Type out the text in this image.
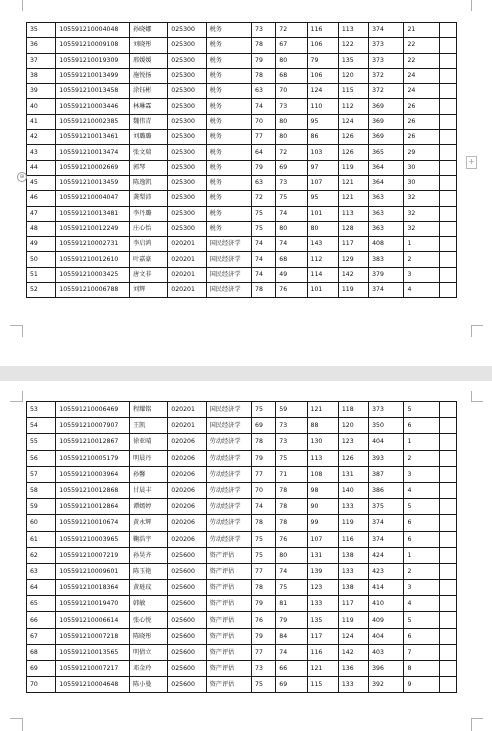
35	105591210004048	孙晓娜	025300	税务	73	72	116	113	374	21	
36	105591210009108	刘晓彤	025300	税务	78	67	106	122	373	22	
37	105591210019309	邢媛媛	025300	税务	79	80	79	135	373	22	
38	105591210013499	施悦扬	025300	税务	78	68	106	120	372	24	
39	105591210013458	涂钰彬	025300	税务	63	70	124	115	372	24	
40	105591210003446	林琳霖	025300	税务	74	73	110	112	369	26	
41	105591210002385	魏伟青	025300	税务	70	80	95	124	369	26	
42	105591210013461	刘璐璐	025300	税务	77	80	86	126	369	26	
43	105591210013474	张文瑞	025300	税务	64	72	103	126	365	29	
44	105591210002669	郭琴	025300	税务	79	69	97	119	364	30	
45	105591210013459	陈逸凯	025300	税务	63	73	107	121	364	30	
46	105591210004047	龚梨沛	025300	税务	72	75	95	121	363	32	
47	105591210013481	李丹璐	025300	税务	75	74	101	113	363	32	
48	105591210012249	庄心怡	025300	税务	75	80	80	128	363	32	
49	105591210002731	李启鸿	020201	国民经济学	74	74	143	117	408	1	
50	105591210012610	叶嘉豪	020201	国民经济学	74	68	112	129	383	2	
51	105591210003425	唐文非	020201	国民经济学	74	49	114	142	379	3	
52	105591210006788	刘辉	020201	国民经济学	78	76	101	119	374	4	
⊕
+
53	105591210006469	程耀铭	020201	国民经济学	75	59	121	118	373	5	
54	105591210007907	王凯	020201	国民经济学	69	73	88	120	350	6	
55	105591210012867	徐亚晴	020206	劳动经济学	78	73	130	123	404	1	
56	105591210005179	明晨丹	020206	劳动经济学	79	75	113	126	393	2	
57	105591210003964	孙馨	020206	劳动经济学	77	71	108	131	387	3	
58	105591210012868	甘晨丰	020206	劳动经济学	70	78	98	140	386	4	
59	105591210012864	谭嫣婷	020206	劳动经济学	74	78	90	133	375	5	
60	105591210010674	黄永辉	020206	劳动经济学	78	78	99	119	374	6	
61	105591210003965	鞠浩宇	020206	劳动经济学	75	76	107	116	374	6	
62	105591210007219	孙昊齐	025600	资产评估	75	80	131	138	424	1	
63	105591210009601	陈玉艳	025600	资产评估	77	74	139	133	423	2	
64	105591210018364	黄琏玟	025600	资产评估	78	75	123	138	414	3	
65	105591210019470	韩敏	025600	资产评估	79	81	133	117	410	4	
66	105591210006614	张心悦	025600	资产评估	76	79	135	119	409	5	
67	105591210007218	陈晓彤	025600	资产评估	79	84	117	124	404	6	
68	105591210013565	明倩立	025600	资产评估	77	74	116	142	403	7	
69	105591210007217	邓金玲	025600	资产评估	73	66	121	136	396	8	
70	105591210004648	陈小曼	025600	资产评估	75	69	115	133	392	9	
